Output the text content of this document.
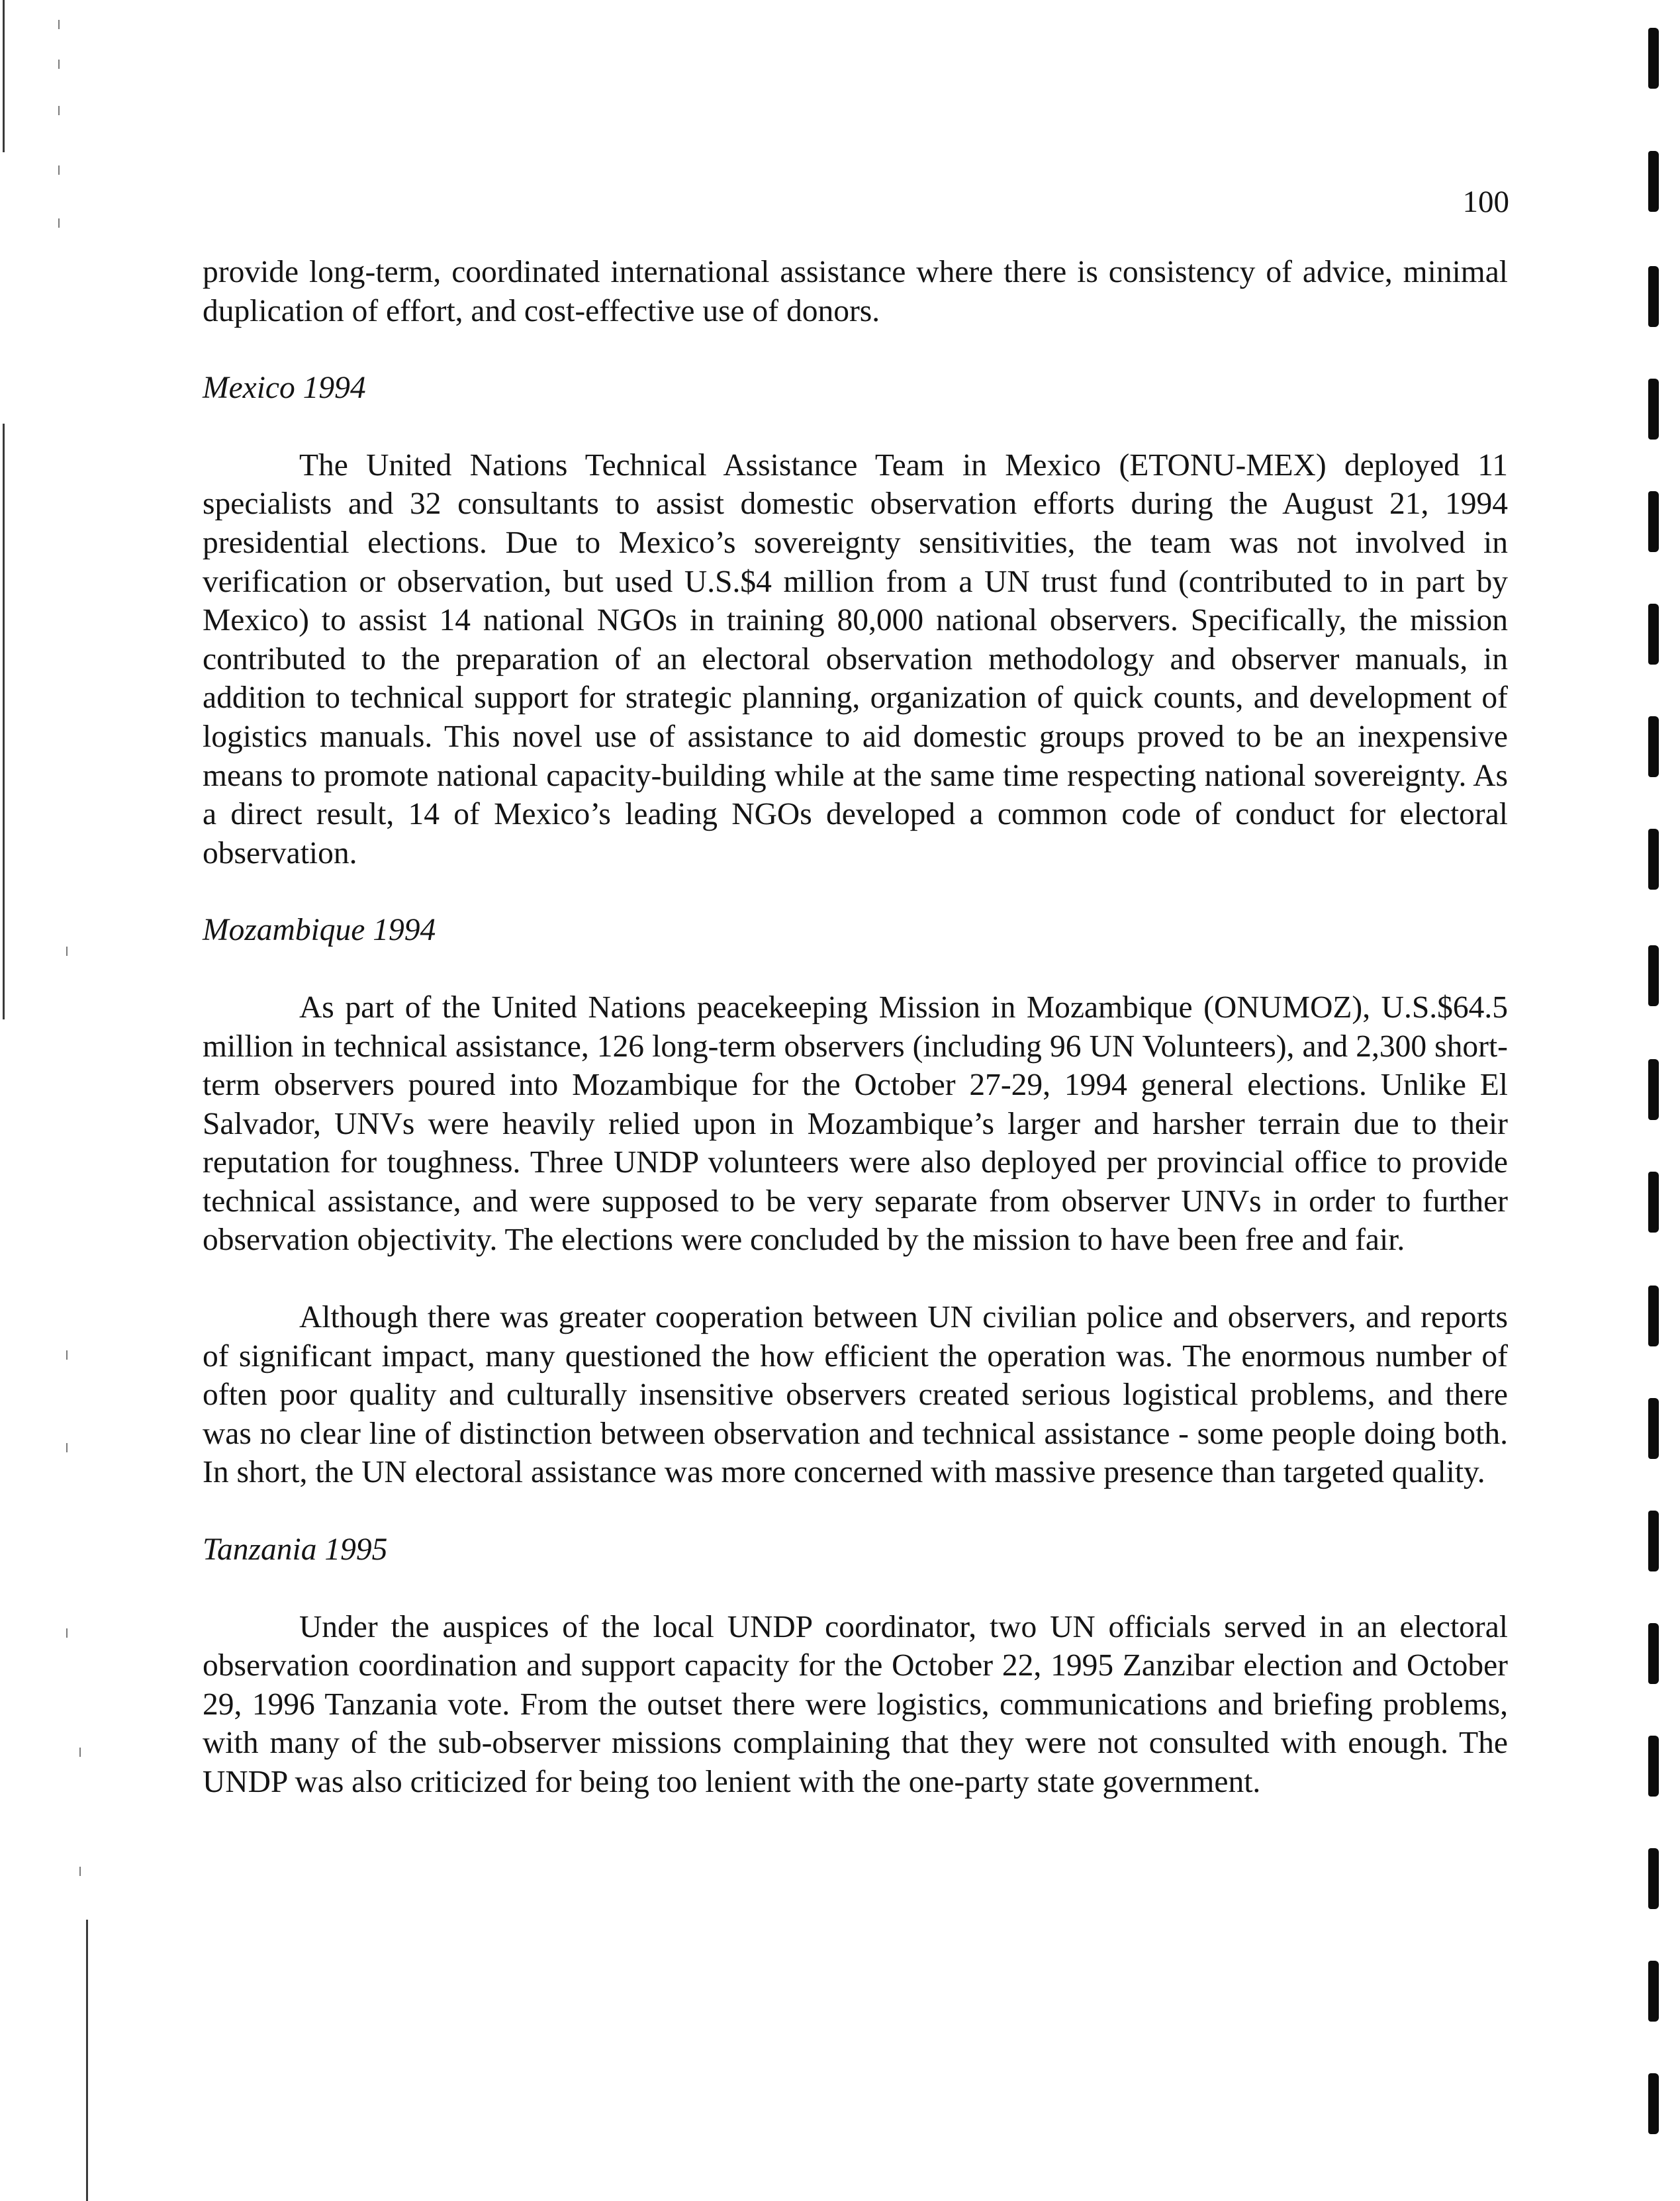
100

provide long-term, coordinated international assistance where there is consistency of advice, minimal duplication of effort, and cost-effective use of donors.

Mexico 1994

The United Nations Technical Assistance Team in Mexico (ETONU-MEX) deployed 11 specialists and 32 consultants to assist domestic observation efforts during the August 21, 1994 presidential elections. Due to Mexico’s sovereignty sensitivities, the team was not involved in verification or observation, but used U.S.$4 million from a UN trust fund (contributed to in part by Mexico) to assist 14 national NGOs in training 80,000 national observers. Specifically, the mission contributed to the preparation of an electoral observation methodology and observer manuals, in addition to technical support for strategic planning, organization of quick counts, and development of logistics manuals. This novel use of assistance to aid domestic groups proved to be an inexpensive means to promote national capacity-building while at the same time respecting national sovereignty. As a direct result, 14 of Mexico’s leading NGOs developed a common code of conduct for electoral observation.

Mozambique 1994

As part of the United Nations peacekeeping Mission in Mozambique (ONUMOZ), U.S.$64.5 million in technical assistance, 126 long-term observers (including 96 UN Volunteers), and 2,300 short-term observers poured into Mozambique for the October 27-29, 1994 general elections. Unlike El Salvador, UNVs were heavily relied upon in Mozambique’s larger and harsher terrain due to their reputation for toughness. Three UNDP volunteers were also deployed per provincial office to provide technical assistance, and were supposed to be very separate from observer UNVs in order to further observation objectivity. The elections were concluded by the mission to have been free and fair.

Although there was greater cooperation between UN civilian police and observers, and reports of significant impact, many questioned the how efficient the operation was. The enormous number of often poor quality and culturally insensitive observers created serious logistical problems, and there was no clear line of distinction between observation and technical assistance - some people doing both. In short, the UN electoral assistance was more concerned with massive presence than targeted quality.

Tanzania 1995

Under the auspices of the local UNDP coordinator, two UN officials served in an electoral observation coordination and support capacity for the October 22, 1995 Zanzibar election and October 29, 1996 Tanzania vote. From the outset there were logistics, communications and briefing problems, with many of the sub-observer missions complaining that they were not consulted with enough. The UNDP was also criticized for being too lenient with the one-party state government.
